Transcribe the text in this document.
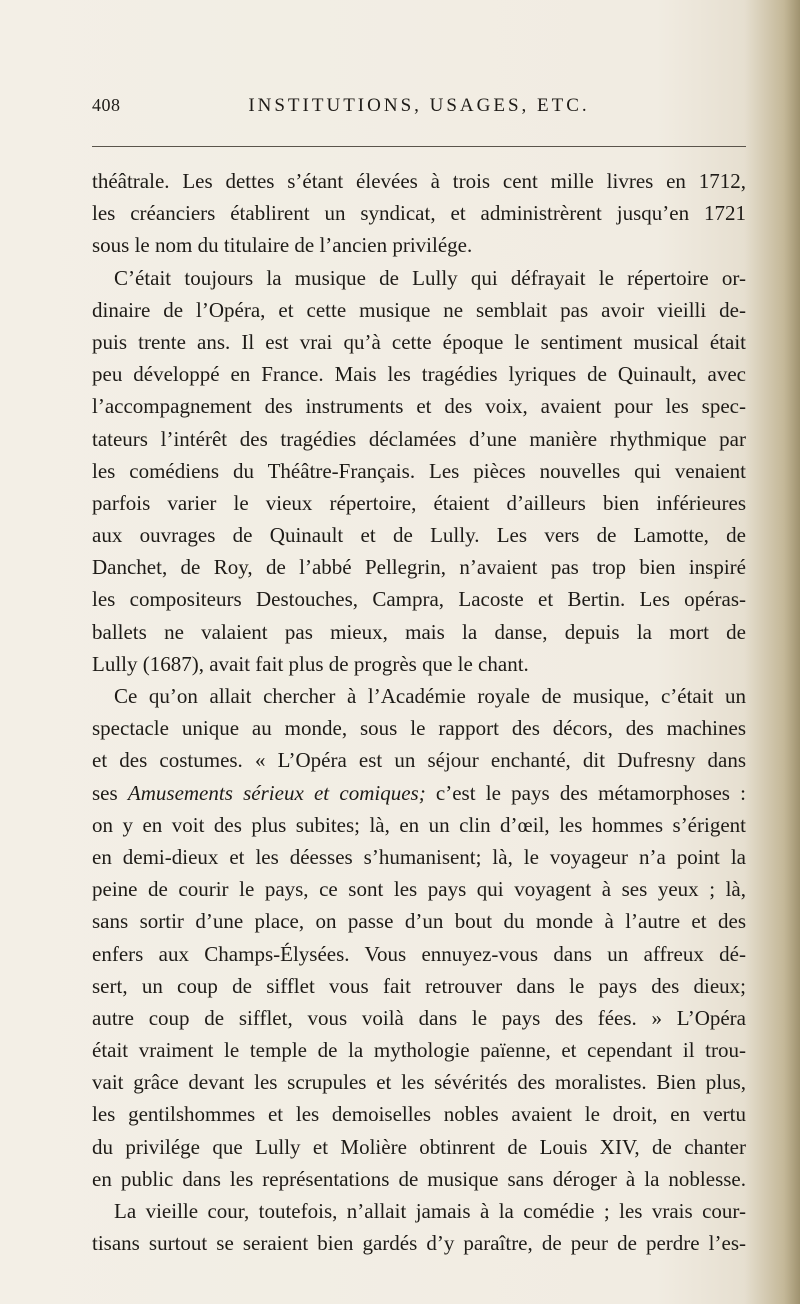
408	INSTITUTIONS, USAGES, ETC.
théâtrale. Les dettes s’étant élevées à trois cent mille livres en 1712,
les créanciers établirent un syndicat, et administrèrent jusqu’en 1721
sous le nom du titulaire de l’ancien privilége.
C’était toujours la musique de Lully qui défrayait le répertoire or-
dinaire de l’Opéra, et cette musique ne semblait pas avoir vieilli de-
puis trente ans. Il est vrai qu’à cette époque le sentiment musical était
peu développé en France. Mais les tragédies lyriques de Quinault, avec
l’accompagnement des instruments et des voix, avaient pour les spec-
tateurs l’intérêt des tragédies déclamées d’une manière rhythmique par
les comédiens du Théâtre-Français. Les pièces nouvelles qui venaient
parfois varier le vieux répertoire, étaient d’ailleurs bien inférieures
aux ouvrages de Quinault et de Lully. Les vers de Lamotte, de
Danchet, de Roy, de l’abbé Pellegrin, n’avaient pas trop bien inspiré
les compositeurs Destouches, Campra, Lacoste et Bertin. Les opéras-
ballets ne valaient pas mieux, mais la danse, depuis la mort de
Lully (1687), avait fait plus de progrès que le chant.
Ce qu’on allait chercher à l’Académie royale de musique, c’était un
spectacle unique au monde, sous le rapport des décors, des machines
et des costumes. « L’Opéra est un séjour enchanté, dit Dufresny dans
ses Amusements sérieux et comiques; c’est le pays des métamorphoses :
on y en voit des plus subites; là, en un clin d’œil, les hommes s’érigent
en demi-dieux et les déesses s’humanisent; là, le voyageur n’a point la
peine de courir le pays, ce sont les pays qui voyagent à ses yeux ; là,
sans sortir d’une place, on passe d’un bout du monde à l’autre et des
enfers aux Champs-Élysées. Vous ennuyez-vous dans un affreux dé-
sert, un coup de sifflet vous fait retrouver dans le pays des dieux;
autre coup de sifflet, vous voilà dans le pays des fées. » L’Opéra
était vraiment le temple de la mythologie païenne, et cependant il trou-
vait grâce devant les scrupules et les sévérités des moralistes. Bien plus,
les gentilshommes et les demoiselles nobles avaient le droit, en vertu
du privilége que Lully et Molière obtinrent de Louis XIV, de chanter
en public dans les représentations de musique sans déroger à la noblesse.
La vieille cour, toutefois, n’allait jamais à la comédie ; les vrais cour-
tisans surtout se seraient bien gardés d’y paraître, de peur de perdre l’es-
